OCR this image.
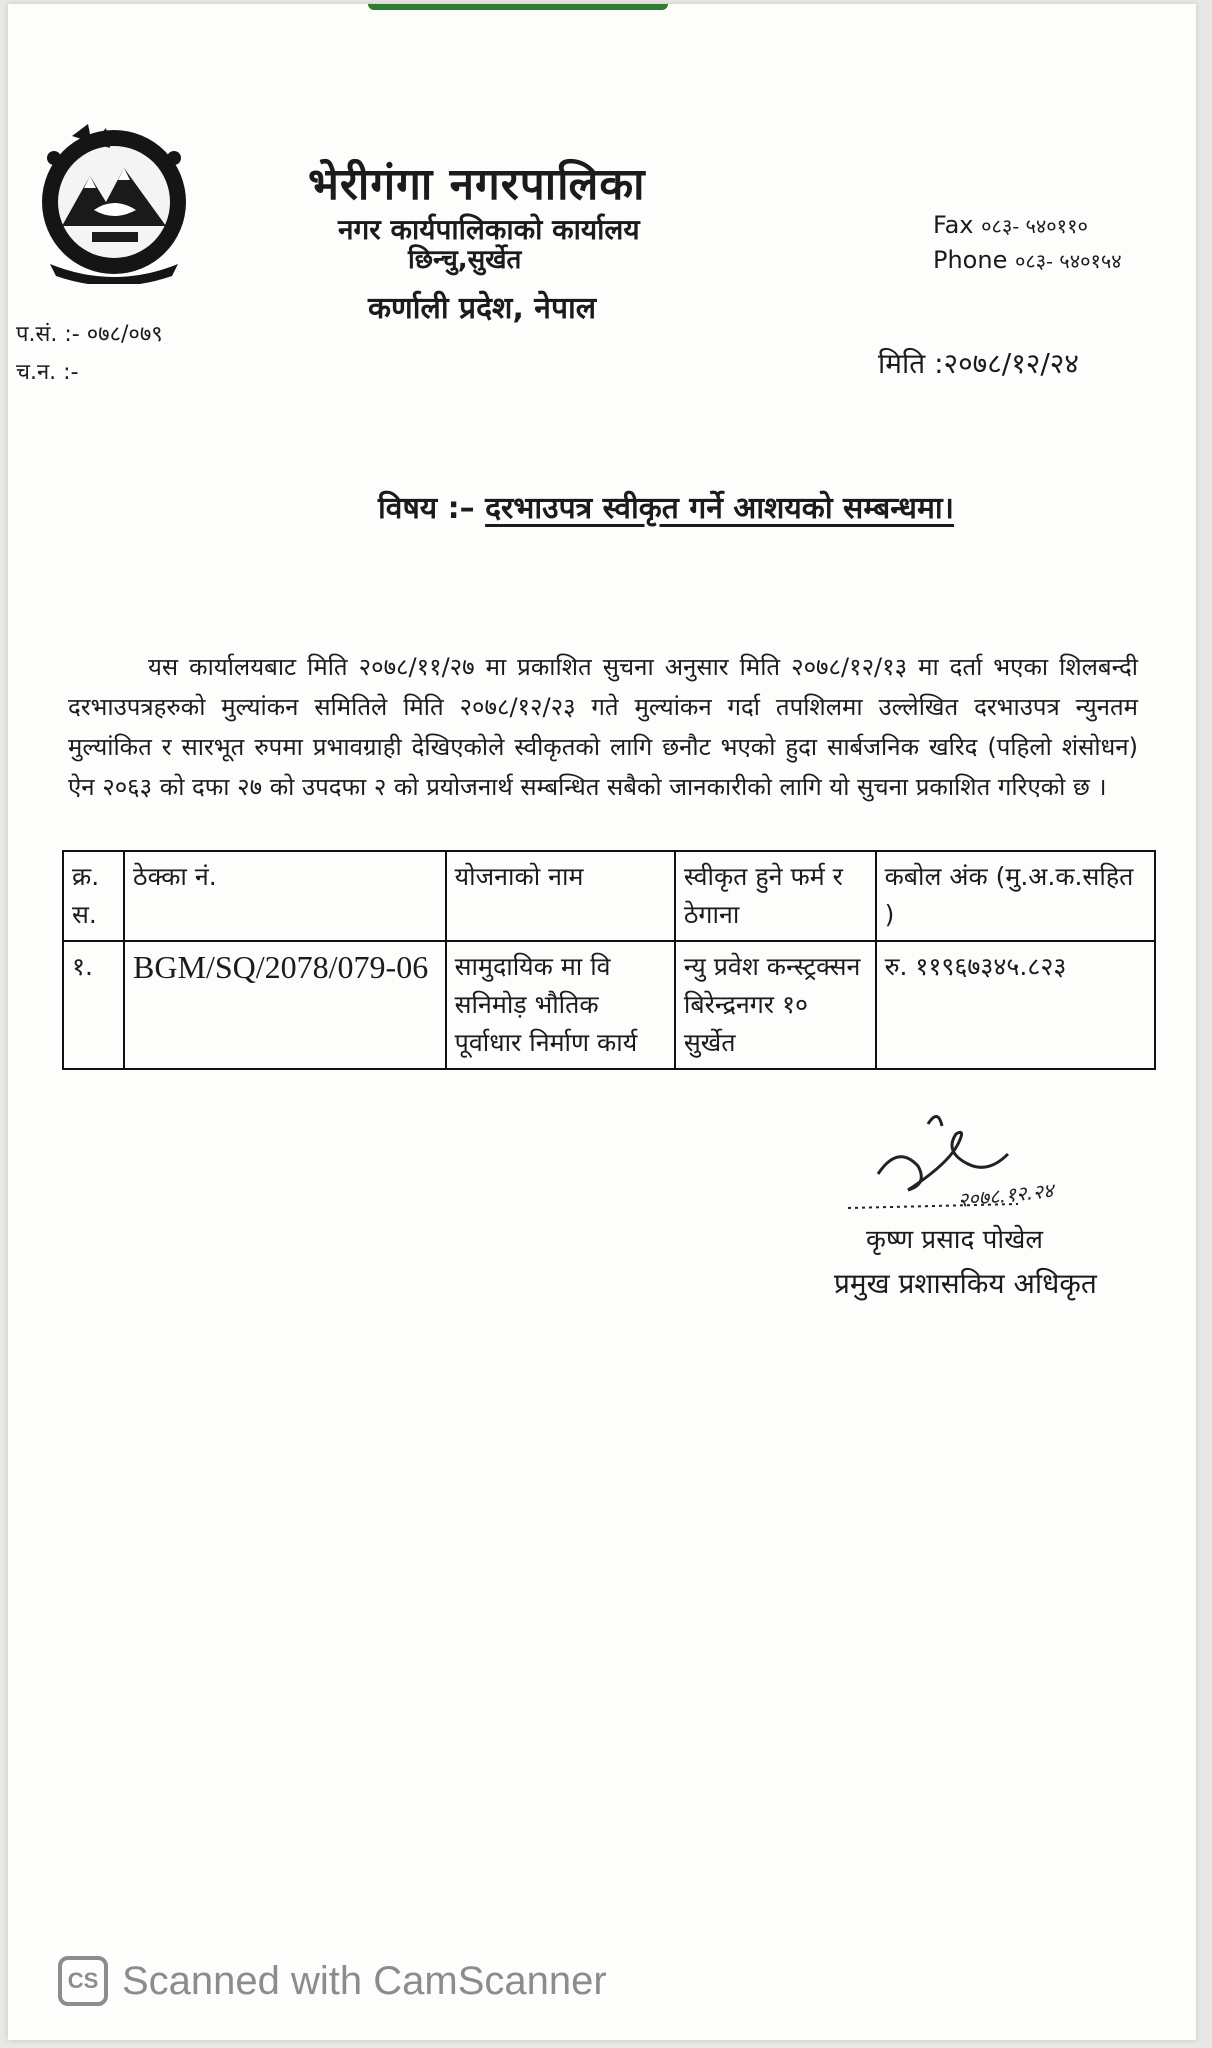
भेरीगंगा नगरपालिका
नगर कार्यपालिकाको कार्यालय
छिन्चु,सुर्खेत
कर्णाली प्रदेश, नेपाल
Fax ०८३- ५४०११०
Phone ०८३- ५४०१५४
प.सं. :- ०७८/०७९
च.न. :-	मिति :२०७८/१२/२४
विषय :– दरभाउपत्र स्वीकृत गर्ने आशयको सम्बन्धमा।
यस कार्यालयबाट मिति २०७८/११/२७ मा प्रकाशित सुचना अनुसार मिति २०७८/१२/१३ मा दर्ता भएका शिलबन्दी दरभाउपत्रहरुको मुल्यांकन समितिले मिति २०७८/१२/२३ गते मुल्यांकन गर्दा तपशिलमा उल्लेखित दरभाउपत्र न्युनतम मुल्यांकित र सारभूत रुपमा प्रभावग्राही देखिएकोले स्वीकृतको लागि छनौट भएको हुदा सार्बजनिक खरिद (पहिलो शंसोधन) ऐन २०६३ को दफा २७ को उपदफा २ को प्रयोजनार्थ सम्बन्धित सबैको जानकारीको लागि यो सुचना प्रकाशित गरिएको छ ।
क्र. स.	ठेक्का नं.	योजनाको नाम	स्वीकृत हुने फर्म र ठेगाना	कबोल अंक (मु.अ.क.सहित )
१.	BGM/SQ/2078/079-06	सामुदायिक मा वि सनिमोड़ भौतिक पूर्वाधार निर्माण कार्य	न्यु प्रवेश कन्स्ट्रक्सन बिरेन्द्रनगर १० सुर्खेत	रु. ११९६७३४५.८२३
२०७८.१२.२४
कृष्ण प्रसाद पोखेल
प्रमुख प्रशासकिय अधिकृत
CS Scanned with CamScanner
